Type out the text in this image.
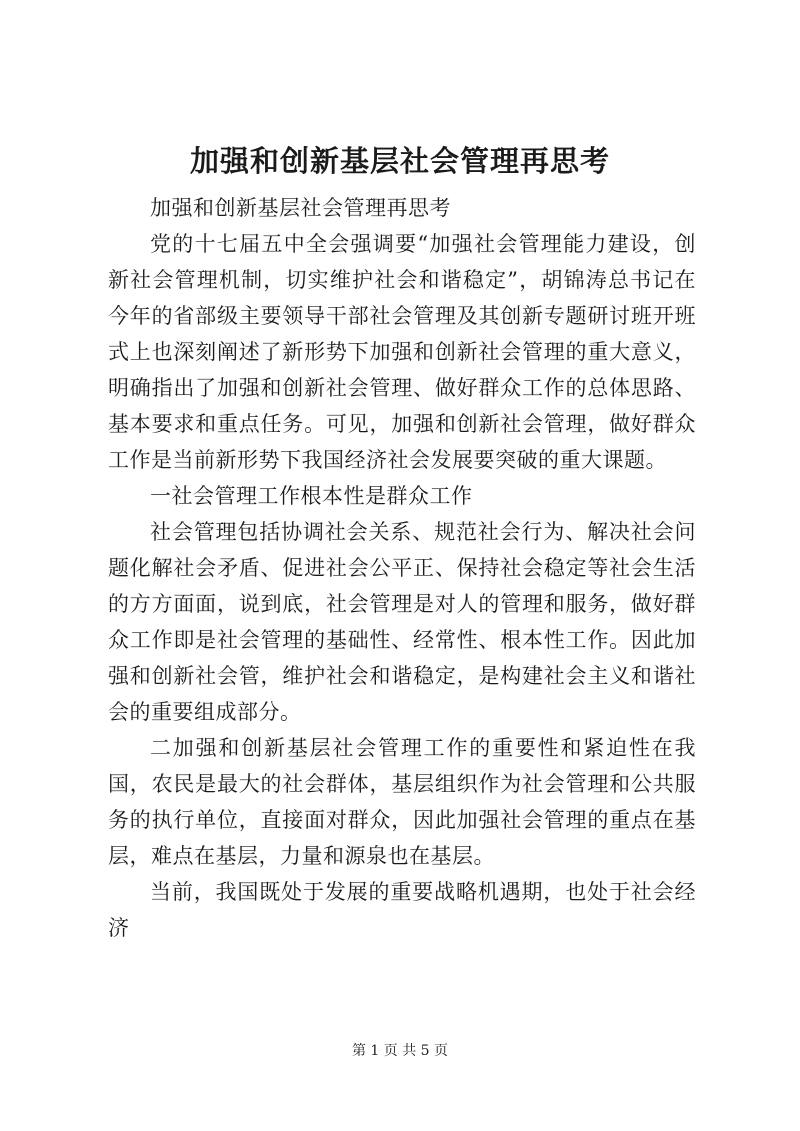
加强和创新基层社会管理再思考

加强和创新基层社会管理再思考

党的十七届五中全会强调要“加强社会管理能力建设，创新社会管理机制，切实维护社会和谐稳定”，胡锦涛总书记在今年的省部级主要领导干部社会管理及其创新专题研讨班开班式上也深刻阐述了新形势下加强和创新社会管理的重大意义，明确指出了加强和创新社会管理、做好群众工作的总体思路、基本要求和重点任务。可见，加强和创新社会管理，做好群众工作是当前新形势下我国经济社会发展要突破的重大课题。

一社会管理工作根本性是群众工作

社会管理包括协调社会关系、规范社会行为、解决社会问题化解社会矛盾、促进社会公平正、保持社会稳定等社会生活的方方面面，说到底，社会管理是对人的管理和服务，做好群众工作即是社会管理的基础性、经常性、根本性工作。因此加强和创新社会管，维护社会和谐稳定，是构建社会主义和谐社会的重要组成部分。

二加强和创新基层社会管理工作的重要性和紧迫性在我国，农民是最大的社会群体，基层组织作为社会管理和公共服务的执行单位，直接面对群众，因此加强社会管理的重点在基层，难点在基层，力量和源泉也在基层。

当前，我国既处于发展的重要战略机遇期，也处于社会经济

第 1 页 共 5 页
